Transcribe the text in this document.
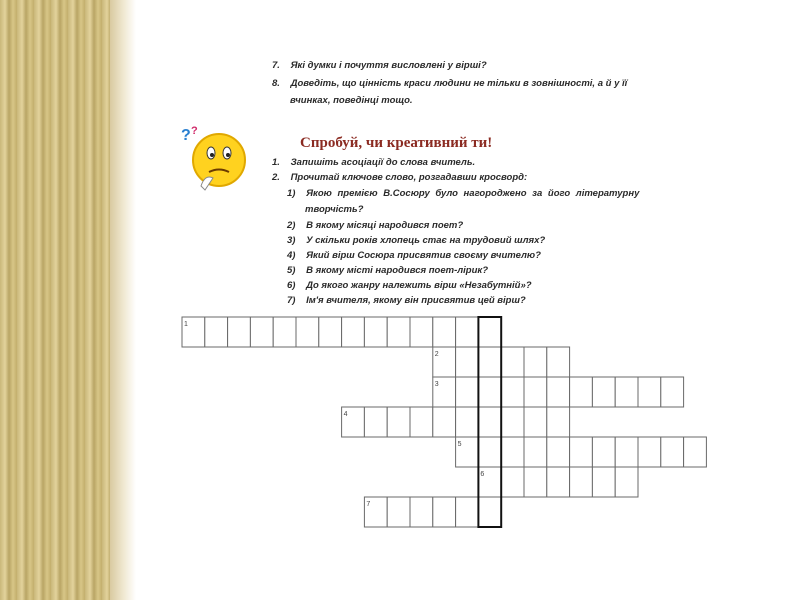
7. Які думки і почуття висловлені у вірші?
8. Доведіть, що цінність краси людини не тільки в зовнішності, а й у її
вчинках, поведінці тощо.
? ?
Спробуй, чи креативний ти!
1. Запишіть асоціації до слова вчитель.
2. Прочитай ключове слово, розгадавши кросворд:
1) Якою премією В.Сосюру було нагороджено за його літературну
творчість?
2) В якому місяці народився поет?
3) У скільки років хлопець стає на трудовий шлях?
4) Який вірш Сосюра присвятив своєму вчителю?
5) В якому місті народився поет-лірик?
6) До якого жанру належить вірш «Незабутній»?
7) Ім'я вчителя, якому він присвятив цей вірш?
1
2
3
4
5
6
7
